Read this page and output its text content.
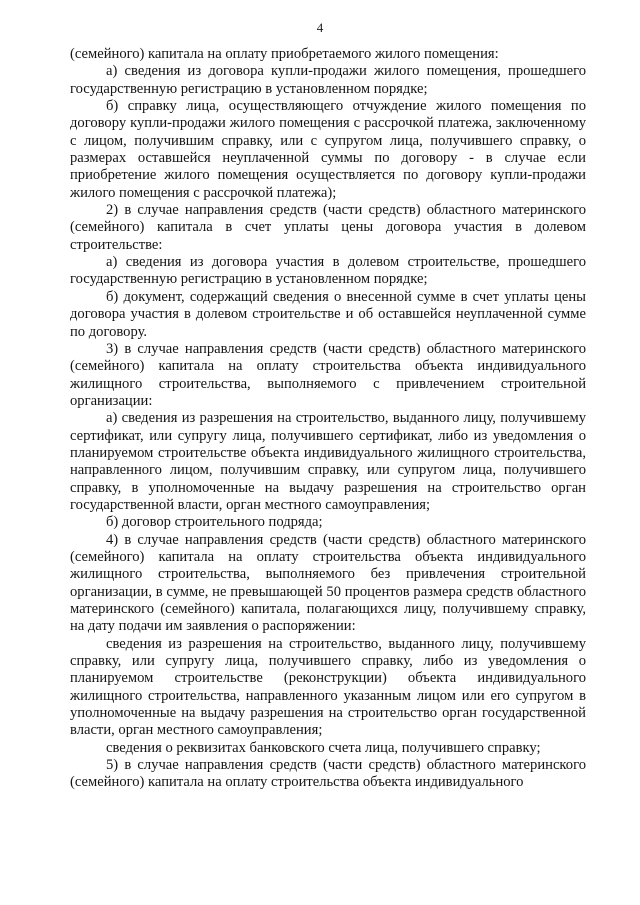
4

(семейного) капитала на оплату приобретаемого жилого помещения:

а) сведения из договора купли-продажи жилого помещения, прошедшего государственную регистрацию в установленном порядке;

б) справку лица, осуществляющего отчуждение жилого помещения по договору купли-продажи жилого помещения с рассрочкой платежа, заключенному с лицом, получившим справку, или с супругом лица, получившего справку, о размерах оставшейся неуплаченной суммы по договору - в случае если приобретение жилого помещения осуществляется по договору купли-продажи жилого помещения с рассрочкой платежа);

2) в случае направления средств (части средств) областного материнского (семейного) капитала в счет уплаты цены договора участия в долевом строительстве:

а) сведения из договора участия в долевом строительстве, прошедшего государственную регистрацию в установленном порядке;

б) документ, содержащий сведения о внесенной сумме в счет уплаты цены договора участия в долевом строительстве и об оставшейся неуплаченной сумме по договору.

3) в случае направления средств (части средств) областного материнского (семейного) капитала на оплату строительства объекта индивидуального жилищного строительства, выполняемого с привлечением строительной организации:

а) сведения из разрешения на строительство, выданного лицу, получившему сертификат, или супругу лица, получившего сертификат, либо из уведомления о планируемом строительстве объекта индивидуального жилищного строительства, направленного лицом, получившим справку, или супругом лица, получившего справку, в уполномоченные на выдачу разрешения на строительство орган государственной власти, орган местного самоуправления;

б) договор строительного подряда;

4) в случае направления средств (части средств) областного материнского (семейного) капитала на оплату строительства объекта индивидуального жилищного строительства, выполняемого без привлечения строительной организации, в сумме, не превышающей 50 процентов размера средств областного материнского (семейного) капитала, полагающихся лицу, получившему справку, на дату подачи им заявления о распоряжении:

сведения из разрешения на строительство, выданного лицу, получившему справку, или супругу лица, получившего справку, либо из уведомления о планируемом строительстве (реконструкции) объекта индивидуального жилищного строительства, направленного указанным лицом или его супругом в уполномоченные на выдачу разрешения на строительство орган государственной власти, орган местного самоуправления;

сведения о реквизитах банковского счета лица, получившего справку;

5) в случае направления средств (части средств) областного материнского (семейного) капитала на оплату строительства объекта индивидуального
